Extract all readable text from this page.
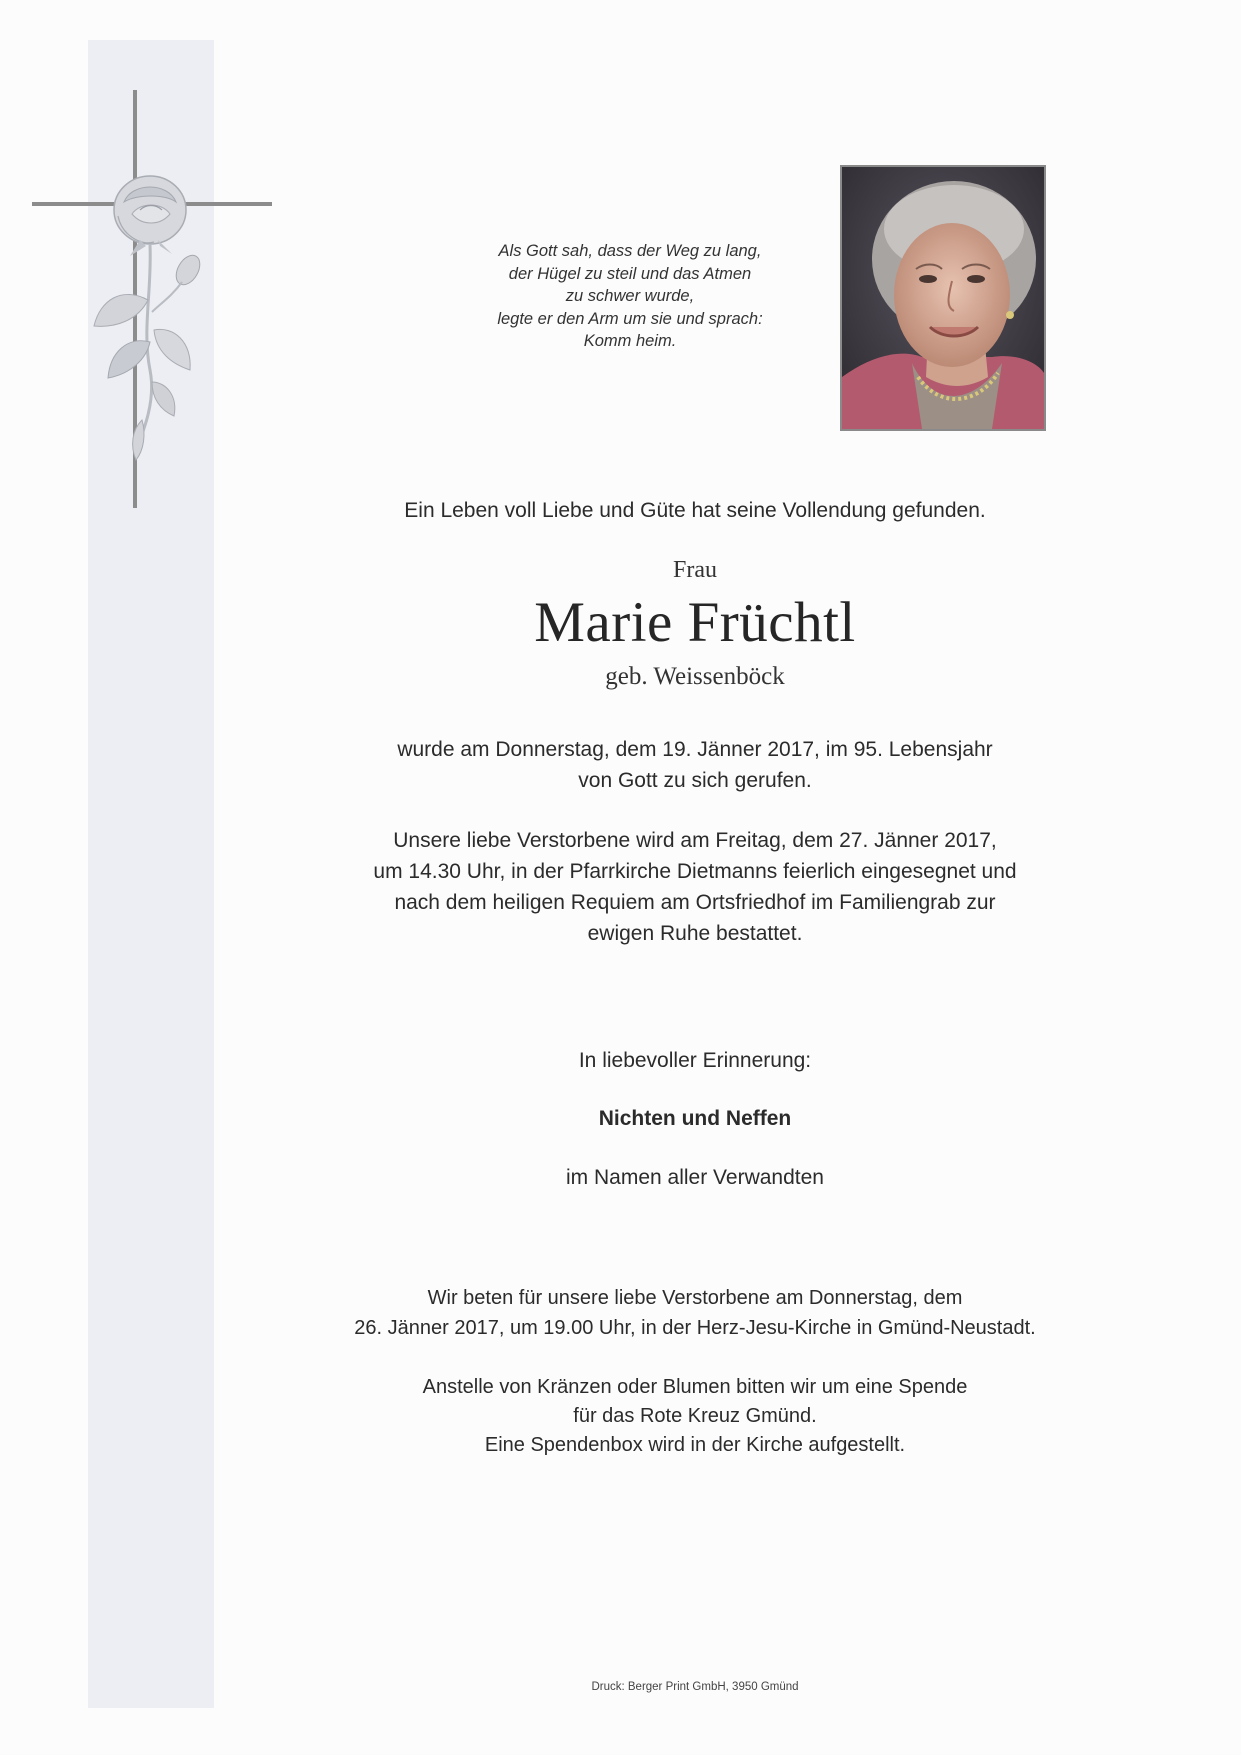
Als Gott sah, dass der Weg zu lang,
der Hügel zu steil und das Atmen
zu schwer wurde,
legte er den Arm um sie und sprach:
Komm heim.
Ein Leben voll Liebe und Güte hat seine Vollendung gefunden.
Frau
Marie Früchtl
geb. Weissenböck
wurde am Donnerstag, dem 19. Jänner 2017, im 95. Lebensjahr
von Gott zu sich gerufen.
Unsere liebe Verstorbene wird am Freitag, dem 27. Jänner 2017,
um 14.30 Uhr, in der Pfarrkirche Dietmanns feierlich eingesegnet und
nach dem heiligen Requiem am Ortsfriedhof im Familiengrab zur
ewigen Ruhe bestattet.
In liebevoller Erinnerung:
Nichten und Neffen
im Namen aller Verwandten
Wir beten für unsere liebe Verstorbene am Donnerstag, dem
26. Jänner 2017, um 19.00 Uhr, in der Herz-Jesu-Kirche in Gmünd-Neustadt.
Anstelle von Kränzen oder Blumen bitten wir um eine Spende
für das Rote Kreuz Gmünd.
Eine Spendenbox wird in der Kirche aufgestellt.
Druck: Berger Print GmbH, 3950 Gmünd
